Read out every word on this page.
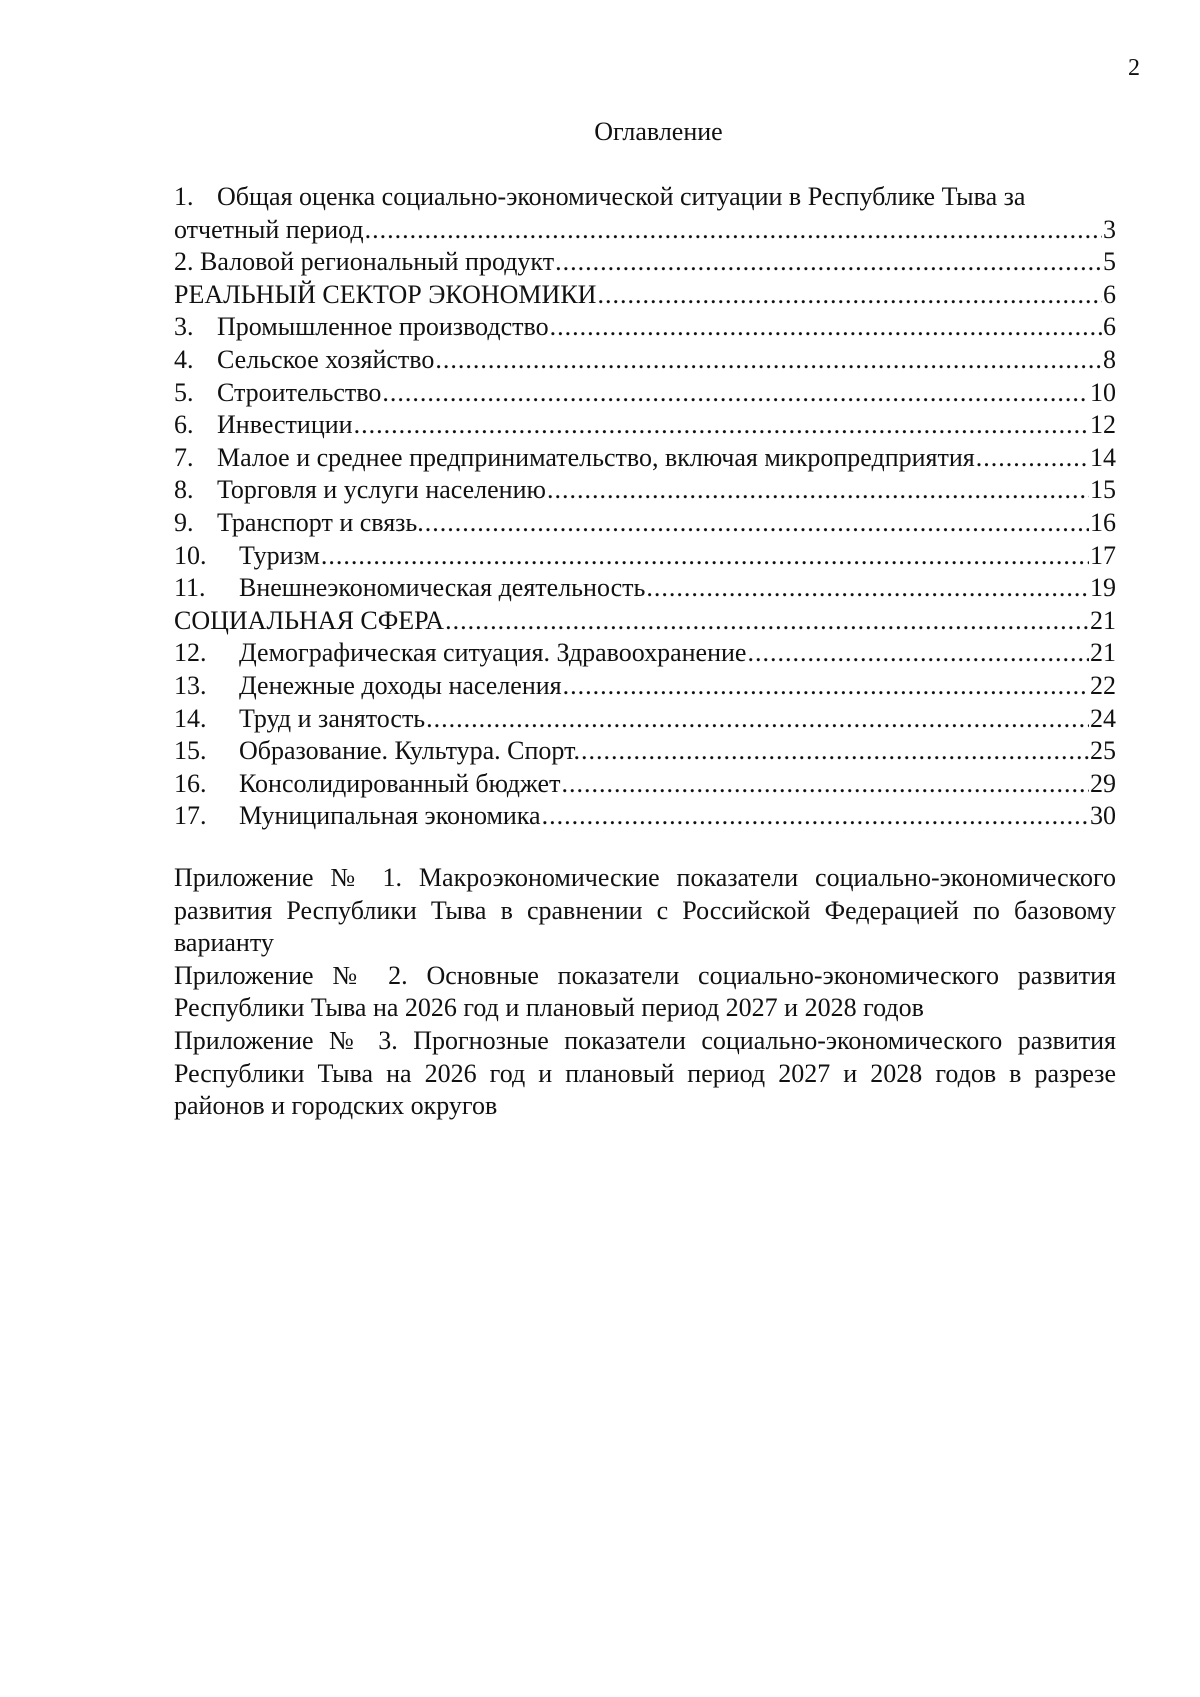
2
Оглавление
1. Общая оценка социально-экономической ситуации в Республике Тыва за
отчетный период .....	3
2. Валовой региональный продукт .....	5
РЕАЛЬНЫЙ СЕКТОР ЭКОНОМИКИ .....	6
3. Промышленное производство .....	6
4. Сельское хозяйство .....	8
5. Строительство .....	10
6. Инвестиции .....	12
7. Малое и среднее предпринимательство, включая микропредприятия .....	14
8. Торговля и услуги населению .....	15
9. Транспорт и связь. .....	16
10.	Туризм .....	17
11.	Внешнеэкономическая деятельность .....	19
СОЦИАЛЬНАЯ СФЕРА .....	21
12.	Демографическая ситуация. Здравоохранение .....	21
13.	Денежные доходы населения .....	22
14.	Труд и занятость .....	24
15.	Образование. Культура. Спорт. .....	25
16.	Консолидированный бюджет .....	29
17.	Муниципальная экономика .....	30

Приложение № 1. Макроэкономические показатели социально-экономического развития Республики Тыва в сравнении с Российской Федерацией по базовому варианту

Приложение № 2. Основные показатели социально-экономического развития Республики Тыва на 2026 год и плановый период 2027 и 2028 годов

Приложение № 3. Прогнозные показатели социально-экономического развития Республики Тыва на 2026 год и плановый период 2027 и 2028 годов в разрезе районов и городских округов
